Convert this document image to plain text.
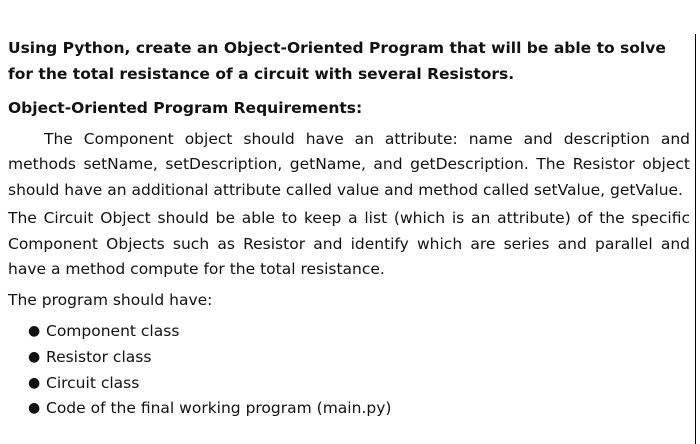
Using Python, create an Object-Oriented Program that will be able to solve for the total resistance of a circuit with several Resistors.

Object-Oriented Program Requirements:

The Component object should have an attribute: name and description and methods setName, setDescription, getName, and getDescription. The Resistor object should have an additional attribute called value and method called setValue, getValue.

The Circuit Object should be able to keep a list (which is an attribute) of the specific Component Objects such as Resistor and identify which are series and parallel and have a method compute for the total resistance.

The program should have:

● Component class
● Resistor class
● Circuit class
● Code of the final working program (main.py)
